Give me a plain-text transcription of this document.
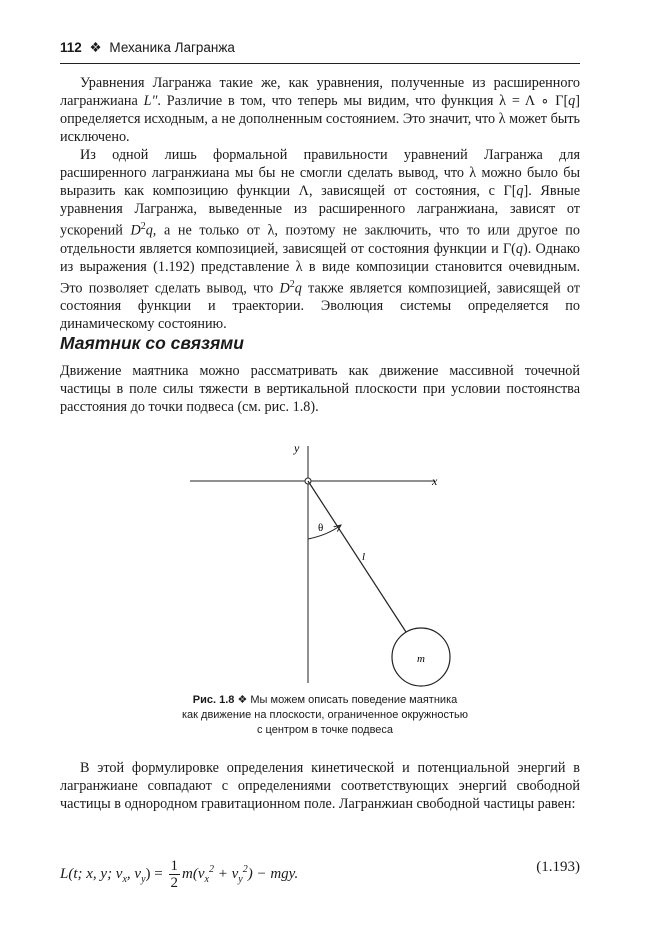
112 ❖ Механика Лагранжа

Уравнения Лагранжа такие же, как уравнения, полученные из расширенного лагранжиана L″. Различие в том, что теперь мы видим, что функция λ = Λ ∘ Γ[q] определяется исходным, а не дополненным состоянием. Это значит, что λ может быть исключено.

Из одной лишь формальной правильности уравнений Лагранжа для расширенного лагранжиана мы бы не смогли сделать вывод, что λ можно было бы выразить как композицию функции Λ, зависящей от состояния, с Γ[q]. Явные уравнения Лагранжа, выведенные из расширенного лагранжиана, зависят от ускорений $D^2q$, а не только от λ, поэтому не заключить, что то или другое по отдельности является композицией, зависящей от состояния функции и Γ(q). Однако из выражения (1.192) представление λ в виде композиции становится очевидным. Это позволяет сделать вывод, что $D^2q$ также является композицией, зависящей от состояния функции и траектории. Эволюция системы определяется по динамическому состоянию.

Маятник со связями

Движение маятника можно рассматривать как движение массивной точечной частицы в поле силы тяжести в вертикальной плоскости при условии постоянства расстояния до точки подвеса (см. рис. 1.8).

y
x
θ
l
m
Рис. 1.8 ❖ Мы можем описать поведение маятника
как движение на плоскости, ограниченное окружностью
с центром в точке подвеса

В этой формулировке определения кинетической и потенциальной энергий в лагранжиане совпадают с определениями соответствующих энергий свободной частицы в однородном гравитационном поле. Лагранжиан свободной частицы равен:

L(t; x, y; $v_x$, $v_y) = \frac{1}{2} m(v_x^2 + v_y^2)$ − mgy.	(1.193)
